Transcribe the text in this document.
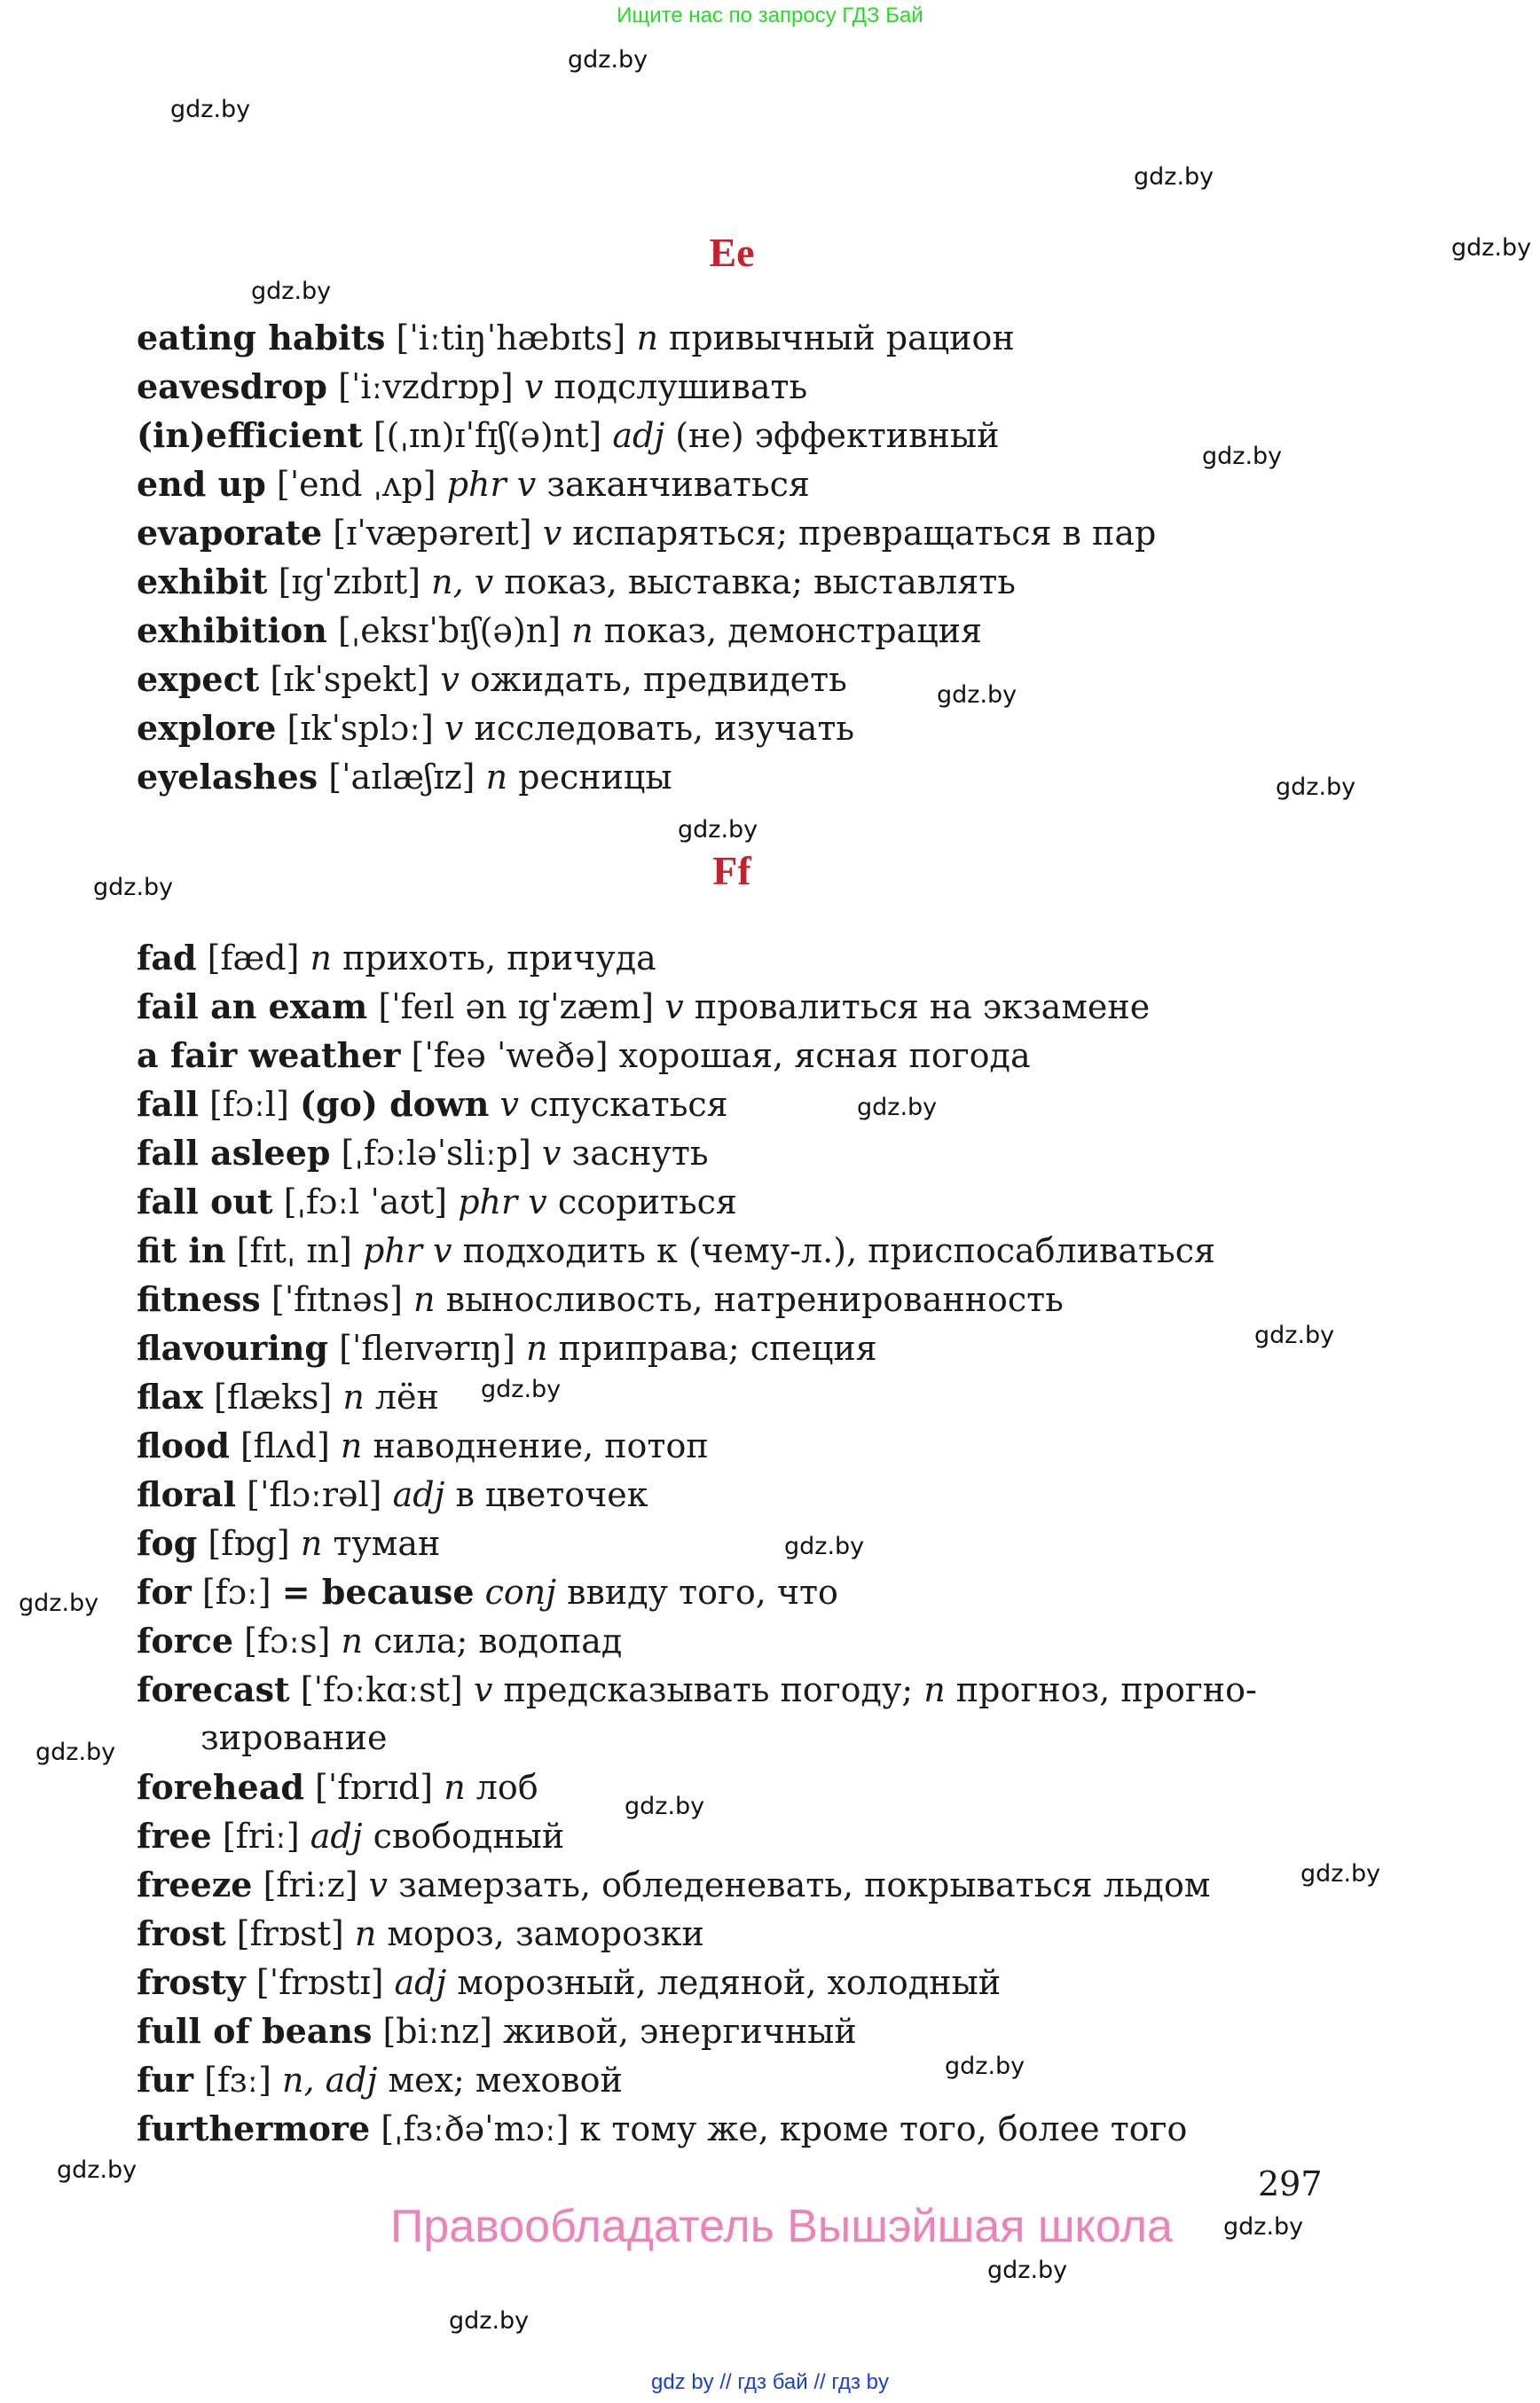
Ищите нас по запросу ГДЗ Бай
gdz.by
gdz.by
gdz.by
gdz.by
gdz.by
gdz.by
gdz.by
gdz.by
gdz.by
gdz.by
gdz.by
gdz.by
gdz.by
gdz.by
gdz.by
gdz.by
gdz.by
gdz.by
gdz.by
gdz.by
gdz.by
gdz.by
gdz.by
Ee
eating habits [ˈiːtiŋˈhæbɪts] n привычный рацион
eavesdrop [ˈiːvzdrɒp] v подслушивать
(in)efficient [(ˌɪn)ɪˈfɪʃ(ə)nt] adj (не) эффективный
end up [ˈend ˌʌp] phr v заканчиваться
evaporate [ɪˈvæpəreɪt] v испаряться; превращаться в пар
exhibit [ɪgˈzɪbɪt] n, v показ, выставка; выставлять
exhibition [ˌeksɪˈbɪʃ(ə)n] n показ, демонстрация
expect [ɪkˈspekt] v ожидать, предвидеть
explore [ɪkˈsplɔː] v исследовать, изучать
eyelashes [ˈaɪlæʃɪz] n ресницы
Ff
fad [fæd] n прихоть, причуда
fail an exam [ˈfeɪl ən ɪgˈzæm] v провалиться на экзамене
a fair weather [ˈfeə ˈweðə] хорошая, ясная погода
fall [fɔːl] (go) down v спускаться
fall asleep [ˌfɔːləˈsliːp] v заснуть
fall out [ˌfɔːl ˈaʊt] phr v ссориться
fit in [fɪtˌ ɪn] phr v подходить к (чему-л.), приспосабливаться
fitness [ˈfɪtnəs] n выносливость, натренированность
flavouring [ˈfleɪvərɪŋ] n приправа; специя
flax [flæks] n лён
flood [flʌd] n наводнение, потоп
floral [ˈflɔːrəl] adj в цветочек
fog [fɒg] n туман
for [fɔː] = because conj ввиду того, что
force [fɔːs] n сила; водопад
forecast [ˈfɔːkɑːst] v предсказывать погоду; n прогноз, прогно-
зирование
forehead [ˈfɒrɪd] n лоб
free [friː] adj свободный
freeze [friːz] v замерзать, обледеневать, покрываться льдом
frost [frɒst] n мороз, заморозки
frosty [ˈfrɒstɪ] adj морозный, ледяной, холодный
full of beans [biːnz] живой, энергичный
fur [fɜː] n, adj мех; меховой
furthermore [ˌfɜːðəˈmɔː] к тому же, кроме того, более того
297
Правообладатель Вышэйшая школа
gdz by // гдз бай // гдз by
